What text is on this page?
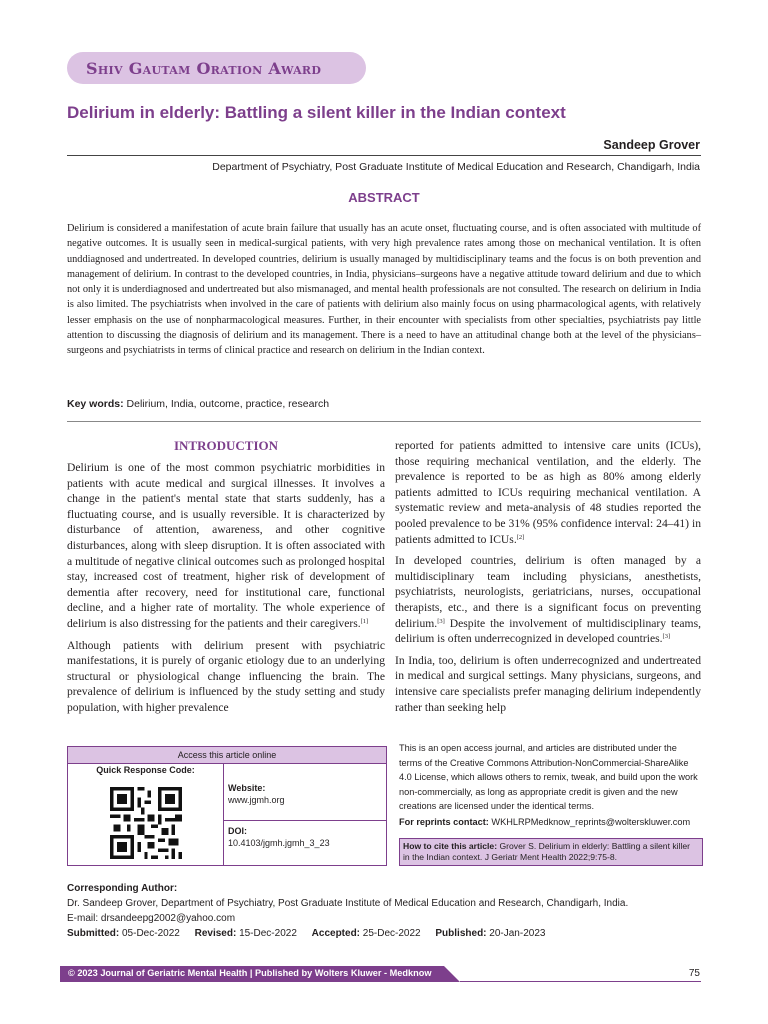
Shiv Gautam Oration Award
Delirium in elderly: Battling a silent killer in the Indian context
Sandeep Grover
Department of Psychiatry, Post Graduate Institute of Medical Education and Research, Chandigarh, India
ABSTRACT
Delirium is considered a manifestation of acute brain failure that usually has an acute onset, fluctuating course, and is often associated with multitude of negative outcomes. It is usually seen in medical-surgical patients, with very high prevalence rates among those on mechanical ventilation. It is often unddiagnosed and undertreated. In developed countries, delirium is usually managed by multidisciplinary teams and the focus is on both prevention and management of delirium. In contrast to the developed countries, in India, physicians–surgeons have a negative attitude toward delirium and due to which not only it is underdiagnosed and undertreated but also mismanaged, and mental health professionals are not consulted. The research on delirium in India is also limited. The psychiatrists when involved in the care of patients with delirium also mainly focus on using pharmacological agents, with relatively lesser emphasis on the use of nonpharmacological measures. Further, in their encounter with specialists from other specialties, psychiatrists pay little attention to discussing the diagnosis of delirium and its management. There is a need to have an attitudinal change both at the level of the physicians–surgeons and psychiatrists in terms of clinical practice and research on delirium in the Indian context.
Key words: Delirium, India, outcome, practice, research
INTRODUCTION

Delirium is one of the most common psychiatric morbidities in patients with acute medical and surgical illnesses. It involves a change in the patient's mental state that starts suddenly, has a fluctuating course, and is usually reversible. It is characterized by disturbance of attention, awareness, and other cognitive disturbances, along with sleep disruption. It is often associated with a multitude of negative clinical outcomes such as prolonged hospital stay, increased cost of treatment, higher risk of development of dementia after recovery, need for institutional care, functional decline, and a higher rate of mortality. The whole experience of delirium is also distressing for the patients and their caregivers.[1]

Although patients with delirium present with psychiatric manifestations, it is purely of organic etiology due to an underlying structural or physiological change influencing the brain. The prevalence of delirium is influenced by the study setting and study population, with higher prevalence

reported for patients admitted to intensive care units (ICUs), those requiring mechanical ventilation, and the elderly. The prevalence is reported to be as high as 80% among elderly patients admitted to ICUs requiring mechanical ventilation. A systematic review and meta-analysis of 48 studies reported the pooled prevalence to be 31% (95% confidence interval: 24–41) in patients admitted to ICUs.[2]

In developed countries, delirium is often managed by a multidisciplinary team including physicians, anesthetists, psychiatrists, neurologists, geriatricians, nurses, occupational therapists, etc., and there is a significant focus on preventing delirium.[3] Despite the involvement of multidisciplinary teams, delirium is often underrecognized in developed countries.[3]

In India, too, delirium is often underrecognized and undertreated in medical and surgical settings. Many physicians, surgeons, and intensive care specialists prefer managing delirium independently rather than seeking help

Access this article online
Quick Response Code:
Website:
www.jgmh.org
DOI:
10.4103/jgmh.jgmh_3_23
This is an open access journal, and articles are distributed under the terms of the Creative Commons Attribution-NonCommercial-ShareAlike 4.0 License, which allows others to remix, tweak, and build upon the work non-commercially, as long as appropriate credit is given and the new creations are licensed under the identical terms.
For reprints contact: WKHLRPMedknow_reprints@wolterskluwer.com
How to cite this article: Grover S. Delirium in elderly: Battling a silent killer in the Indian context. J Geriatr Ment Health 2022;9:75-8.
Corresponding Author:
Dr. Sandeep Grover, Department of Psychiatry, Post Graduate Institute of Medical Education and Research, Chandigarh, India.
E-mail: drsandeepg2002@yahoo.com
Submitted: 05-Dec-2022 Revised: 15-Dec-2022 Accepted: 25-Dec-2022 Published: 20-Jan-2023
© 2023 Journal of Geriatric Mental Health | Published by Wolters Kluwer - Medknow	75
